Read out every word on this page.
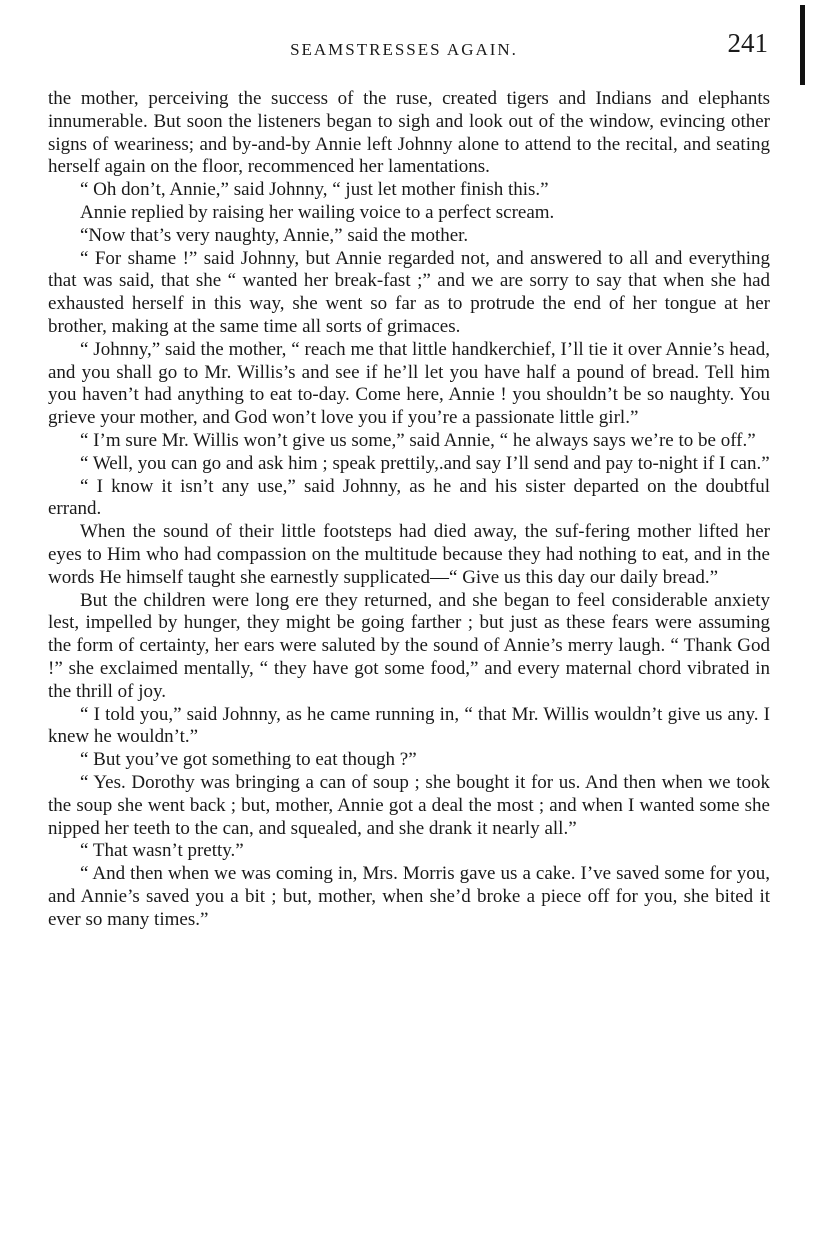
SEAMSTRESSES AGAIN.	241

the mother, perceiving the success of the ruse, created tigers and Indians and elephants innumerable. But soon the listeners began to sigh and look out of the window, evincing other signs of weariness; and by-and-by Annie left Johnny alone to attend to the recital, and seating herself again on the floor, recommenced her lamentations.

“ Oh don’t, Annie,” said Johnny, “ just let mother finish this.”

Annie replied by raising her wailing voice to a perfect scream.

“Now that’s very naughty, Annie,” said the mother.

“ For shame !” said Johnny, but Annie regarded not, and answered to all and everything that was said, that she “ wanted her break-fast ;” and we are sorry to say that when she had exhausted herself in this way, she went so far as to protrude the end of her tongue at her brother, making at the same time all sorts of grimaces.

“ Johnny,” said the mother, “ reach me that little handkerchief, I’ll tie it over Annie’s head, and you shall go to Mr. Willis’s and see if he’ll let you have half a pound of bread. Tell him you haven’t had anything to eat to-day. Come here, Annie ! you shouldn’t be so naughty. You grieve your mother, and God won’t love you if you’re a passionate little girl.”

“ I’m sure Mr. Willis won’t give us some,” said Annie, “ he always says we’re to be off.”

“ Well, you can go and ask him ; speak prettily,.and say I’ll send and pay to-night if I can.”

“ I know it isn’t any use,” said Johnny, as he and his sister departed on the doubtful errand.

When the sound of their little footsteps had died away, the suf-fering mother lifted her eyes to Him who had compassion on the multitude because they had nothing to eat, and in the words He himself taught she earnestly supplicated—“ Give us this day our daily bread.”

But the children were long ere they returned, and she began to feel considerable anxiety lest, impelled by hunger, they might be going farther ; but just as these fears were assuming the form of certainty, her ears were saluted by the sound of Annie’s merry laugh. “ Thank God !” she exclaimed mentally, “ they have got some food,” and every maternal chord vibrated in the thrill of joy.

“ I told you,” said Johnny, as he came running in, “ that Mr. Willis wouldn’t give us any. I knew he wouldn’t.”

“ But you’ve got something to eat though ?”

“ Yes. Dorothy was bringing a can of soup ; she bought it for us. And then when we took the soup she went back ; but, mother, Annie got a deal the most ; and when I wanted some she nipped her teeth to the can, and squealed, and she drank it nearly all.”

“ That wasn’t pretty.”

“ And then when we was coming in, Mrs. Morris gave us a cake. I’ve saved some for you, and Annie’s saved you a bit ; but, mother, when she’d broke a piece off for you, she bited it ever so many times.”
